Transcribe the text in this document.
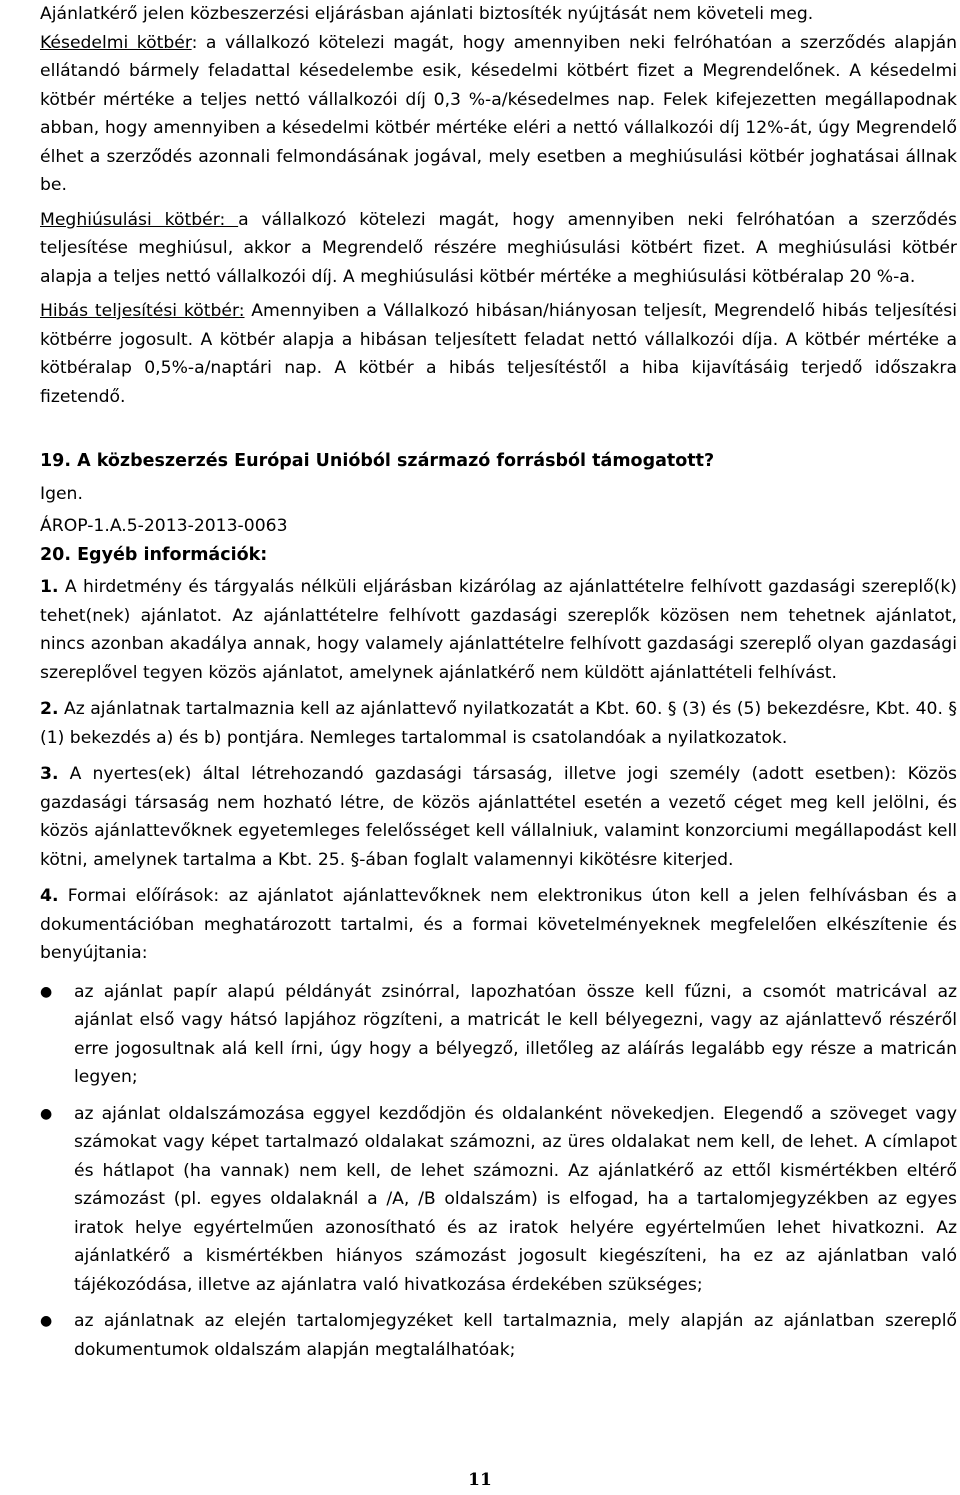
Ajánlatkérő jelen közbeszerzési eljárásban ajánlati biztosíték nyújtását nem követeli meg.

Késedelmi kötbér: a vállalkozó kötelezi magát, hogy amennyiben neki felróhatóan a szerződés alapján ellátandó bármely feladattal késedelembe esik, késedelmi kötbért fizet a Megrendelőnek. A késedelmi kötbér mértéke a teljes nettó vállalkozói díj 0,3 %-a/késedelmes nap. Felek kifejezetten megállapodnak abban, hogy amennyiben a késedelmi kötbér mértéke eléri a nettó vállalkozói díj 12%-át, úgy Megrendelő élhet a szerződés azonnali felmondásának jogával, mely esetben a meghiúsulási kötbér joghatásai állnak be.

Meghiúsulási kötbér: a vállalkozó kötelezi magát, hogy amennyiben neki felróhatóan a szerződés teljesítése meghiúsul, akkor a Megrendelő részére meghiúsulási kötbért fizet. A meghiúsulási kötbér alapja a teljes nettó vállalkozói díj. A meghiúsulási kötbér mértéke a meghiúsulási kötbéralap 20 %-a.

Hibás teljesítési kötbér: Amennyiben a Vállalkozó hibásan/hiányosan teljesít, Megrendelő hibás teljesítési kötbérre jogosult. A kötbér alapja a hibásan teljesített feladat nettó vállalkozói díja. A kötbér mértéke a kötbéralap 0,5%-a/naptári nap. A kötbér a hibás teljesítéstől a hiba kijavításáig terjedő időszakra fizetendő.

19. A közbeszerzés Európai Unióból származó forrásból támogatott?

Igen.

ÁROP-1.A.5-2013-2013-0063

20. Egyéb információk:

1. A hirdetmény és tárgyalás nélküli eljárásban kizárólag az ajánlattételre felhívott gazdasági szereplő(k) tehet(nek) ajánlatot. Az ajánlattételre felhívott gazdasági szereplők közösen nem tehetnek ajánlatot, nincs azonban akadálya annak, hogy valamely ajánlattételre felhívott gazdasági szereplő olyan gazdasági szereplővel tegyen közös ajánlatot, amelynek ajánlatkérő nem küldött ajánlattételi felhívást.

2. Az ajánlatnak tartalmaznia kell az ajánlattevő nyilatkozatát a Kbt. 60. § (3) és (5) bekezdésre, Kbt. 40. § (1) bekezdés a) és b) pontjára. Nemleges tartalommal is csatolandóak a nyilatkozatok.

3. A nyertes(ek) által létrehozandó gazdasági társaság, illetve jogi személy (adott esetben): Közös gazdasági társaság nem hozható létre, de közös ajánlattétel esetén a vezető céget meg kell jelölni, és közös ajánlattevőknek egyetemleges felelősséget kell vállalniuk, valamint konzorciumi megállapodást kell kötni, amelynek tartalma a Kbt. 25. §-ában foglalt valamennyi kikötésre kiterjed.

4. Formai előírások: az ajánlatot ajánlattevőknek nem elektronikus úton kell a jelen felhívásban és a dokumentációban meghatározott tartalmi, és a formai követelményeknek megfelelően elkészítenie és benyújtania:

● az ajánlat papír alapú példányát zsinórral, lapozhatóan össze kell fűzni, a csomót matricával az ajánlat első vagy hátsó lapjához rögzíteni, a matricát le kell bélyegezni, vagy az ajánlattevő részéről erre jogosultnak alá kell írni, úgy hogy a bélyegző, illetőleg az aláírás legalább egy része a matricán legyen;
● az ajánlat oldalszámozása eggyel kezdődjön és oldalanként növekedjen. Elegendő a szöveget vagy számokat vagy képet tartalmazó oldalakat számozni, az üres oldalakat nem kell, de lehet. A címlapot és hátlapot (ha vannak) nem kell, de lehet számozni. Az ajánlatkérő az ettől kismértékben eltérő számozást (pl. egyes oldalaknál a /A, /B oldalszám) is elfogad, ha a tartalomjegyzékben az egyes iratok helye egyértelműen azonosítható és az iratok helyére egyértelműen lehet hivatkozni. Az ajánlatkérő a kismértékben hiányos számozást jogosult kiegészíteni, ha ez az ajánlatban való tájékozódása, illetve az ajánlatra való hivatkozása érdekében szükséges;
● az ajánlatnak az elején tartalomjegyzéket kell tartalmaznia, mely alapján az ajánlatban szereplő dokumentumok oldalszám alapján megtalálhatóak;
11
